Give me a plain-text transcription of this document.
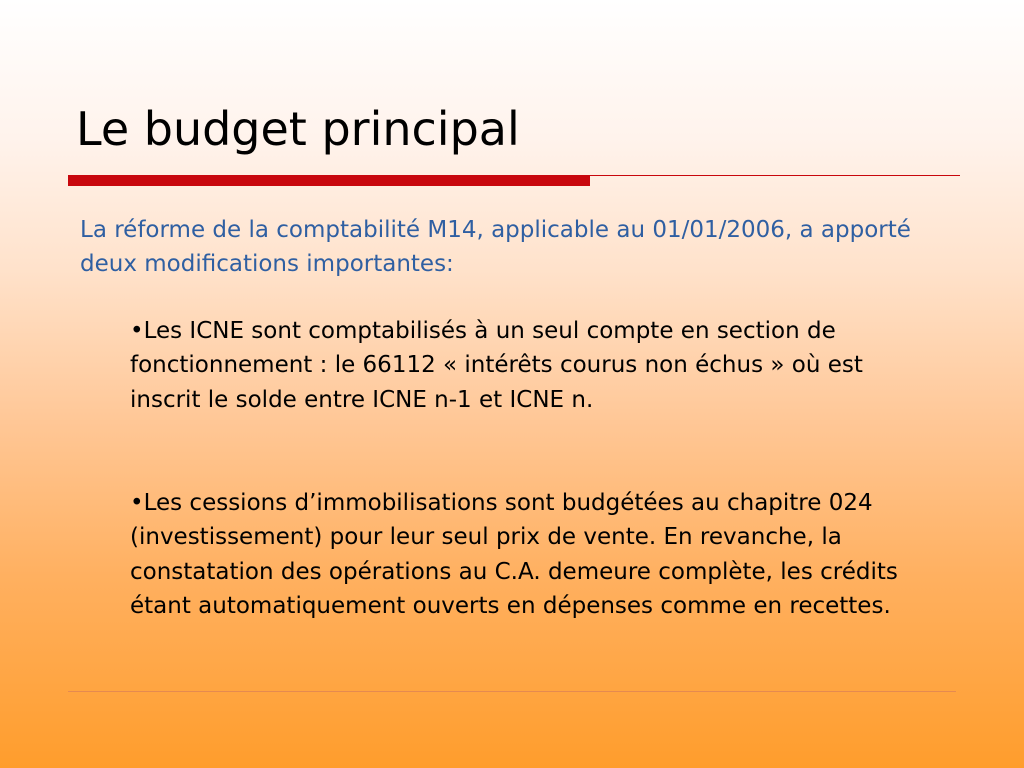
Le budget principal

La réforme de la comptabilité M14, applicable au 01/01/2006, a apporté deux modifications importantes:

•Les ICNE sont comptabilisés à un seul compte en section de fonctionnement : le 66112 « intérêts courus non échus » où est inscrit le solde entre ICNE n-1 et ICNE n.

•Les cessions d’immobilisations sont budgétées au chapitre 024 (investissement) pour leur seul prix de vente. En revanche, la constatation des opérations au C.A. demeure complète, les crédits étant automatiquement ouverts en dépenses comme en recettes.
